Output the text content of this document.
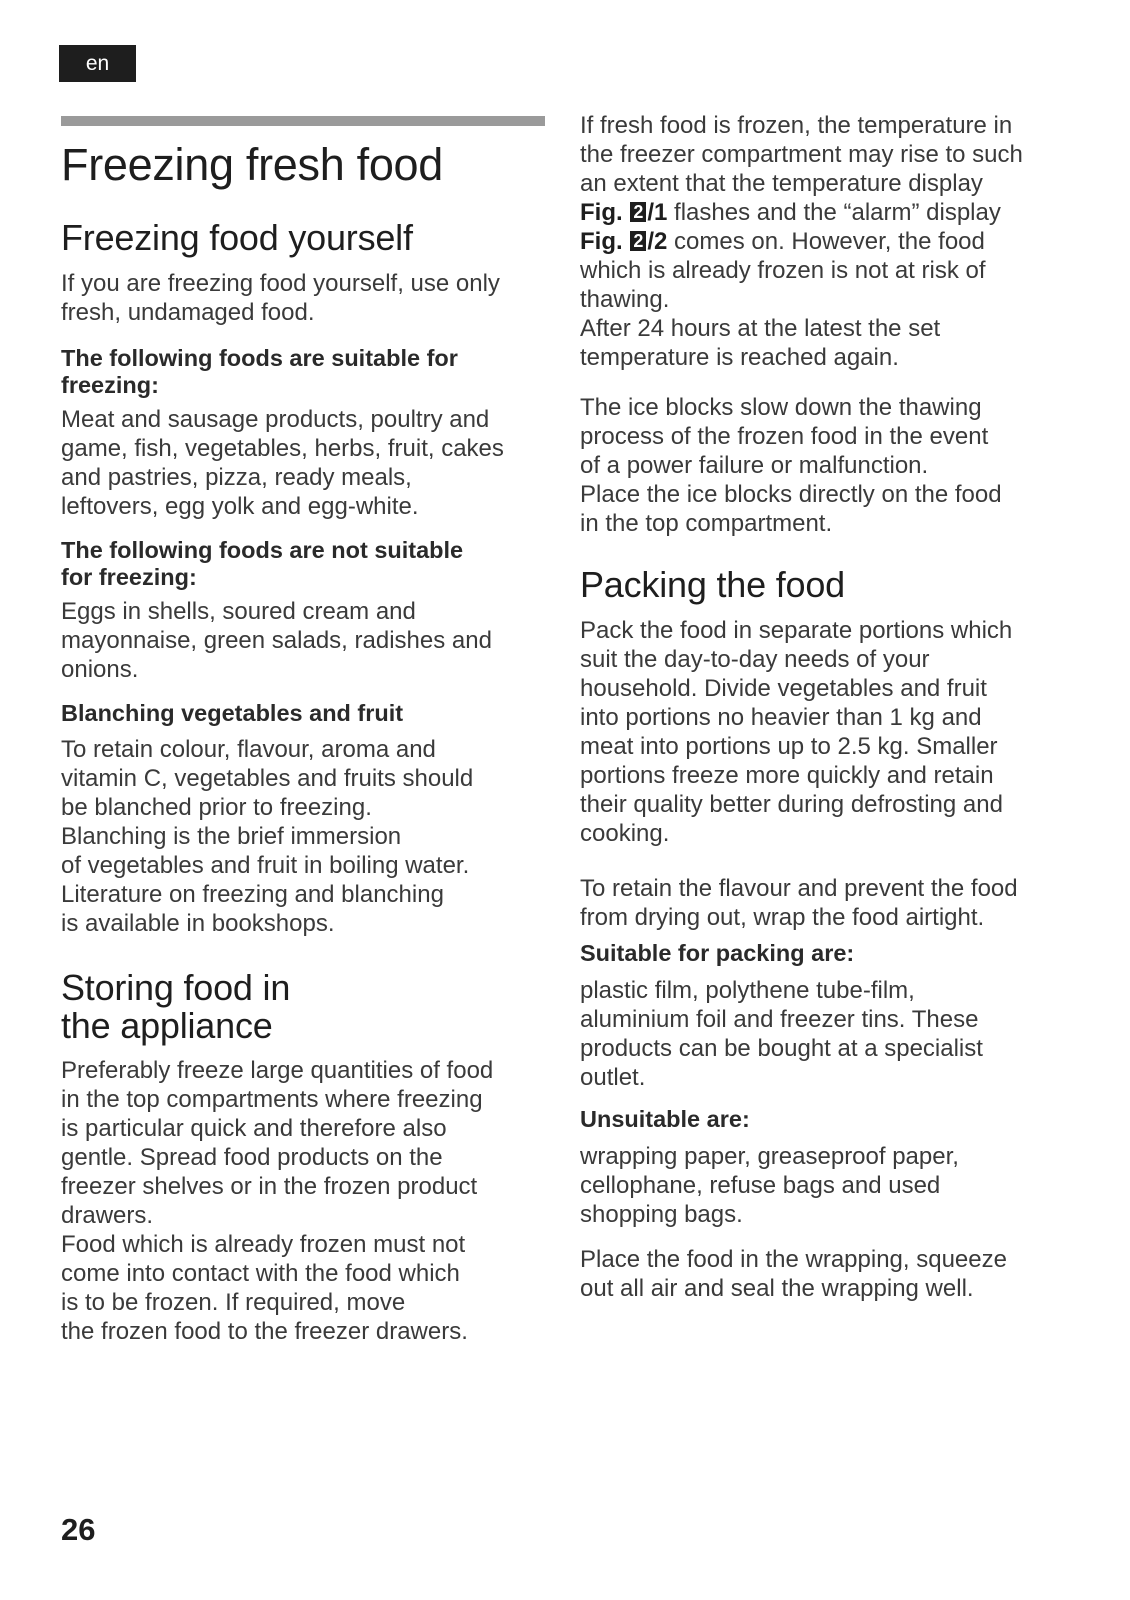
en
Freezing fresh food
Freezing food yourself

If you are freezing food yourself, use only
fresh, undamaged food.

The following foods are suitable for
freezing:

Meat and sausage products, poultry and
game, fish, vegetables, herbs, fruit, cakes
and pastries, pizza, ready meals,
leftovers, egg yolk and egg-white.

The following foods are not suitable
for freezing:

Eggs in shells, soured cream and
mayonnaise, green salads, radishes and
onions.

Blanching vegetables and fruit

To retain colour, flavour, aroma and
vitamin C, vegetables and fruits should
be blanched prior to freezing.
Blanching is the brief immersion
of vegetables and fruit in boiling water.
Literature on freezing and blanching
is available in bookshops.

Storing food in
the appliance

Preferably freeze large quantities of food
in the top compartments where freezing
is particular quick and therefore also
gentle. Spread food products on the
freezer shelves or in the frozen product
drawers.
Food which is already frozen must not
come into contact with the food which
is to be frozen. If required, move
the frozen food to the freezer drawers.

If fresh food is frozen, the temperature in
the freezer compartment may rise to such
an extent that the temperature display
Fig. 2 /1 flashes and the “alarm” display
Fig. 2 /2 comes on. However, the food
which is already frozen is not at risk of
thawing.
After 24 hours at the latest the set
temperature is reached again.

The ice blocks slow down the thawing
process of the frozen food in the event
of a power failure or malfunction.
Place the ice blocks directly on the food
in the top compartment.

Packing the food

Pack the food in separate portions which
suit the day-to-day needs of your
household. Divide vegetables and fruit
into portions no heavier than 1 kg and
meat into portions up to 2.5 kg. Smaller
portions freeze more quickly and retain
their quality better during defrosting and
cooking.

To retain the flavour and prevent the food
from drying out, wrap the food airtight.

Suitable for packing are:

plastic film, polythene tube-film,
aluminium foil and freezer tins. These
products can be bought at a specialist
outlet.

Unsuitable are:

wrapping paper, greaseproof paper,
cellophane, refuse bags and used
shopping bags.

Place the food in the wrapping, squeeze
out all air and seal the wrapping well.

26
